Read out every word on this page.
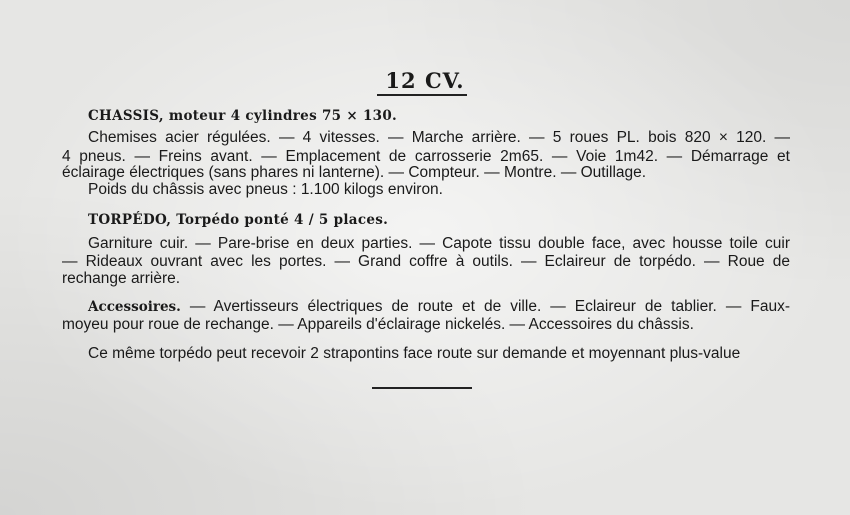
12 CV.
CHASSIS, moteur 4 cylindres 75 × 130.
Chemises acier régulées. — 4 vitesses. — Marche arrière. — 5 roues PL. bois 820 × 120. —
4 pneus. — Freins avant. — Emplacement de carrosserie 2m65. — Voie 1m42. — Démarrage et
éclairage électriques (sans phares ni lanterne). — Compteur. — Montre. — Outillage.
Poids du châssis avec pneus : 1.100 kilogs environ.
TORPÉDO, Torpédo ponté 4 / 5 places.
Garniture cuir. — Pare-brise en deux parties. — Capote tissu double face, avec housse toile cuir
— Rideaux ouvrant avec les portes. — Grand coffre à outils. — Eclaireur de torpédo. — Roue de
rechange arrière.
Accessoires. — Avertisseurs électriques de route et de ville. — Eclaireur de tablier. — Faux-
moyeu pour roue de rechange. — Appareils d'éclairage nickelés. — Accessoires du châssis.
Ce même torpédo peut recevoir 2 strapontins face route sur demande et moyennant plus-value
